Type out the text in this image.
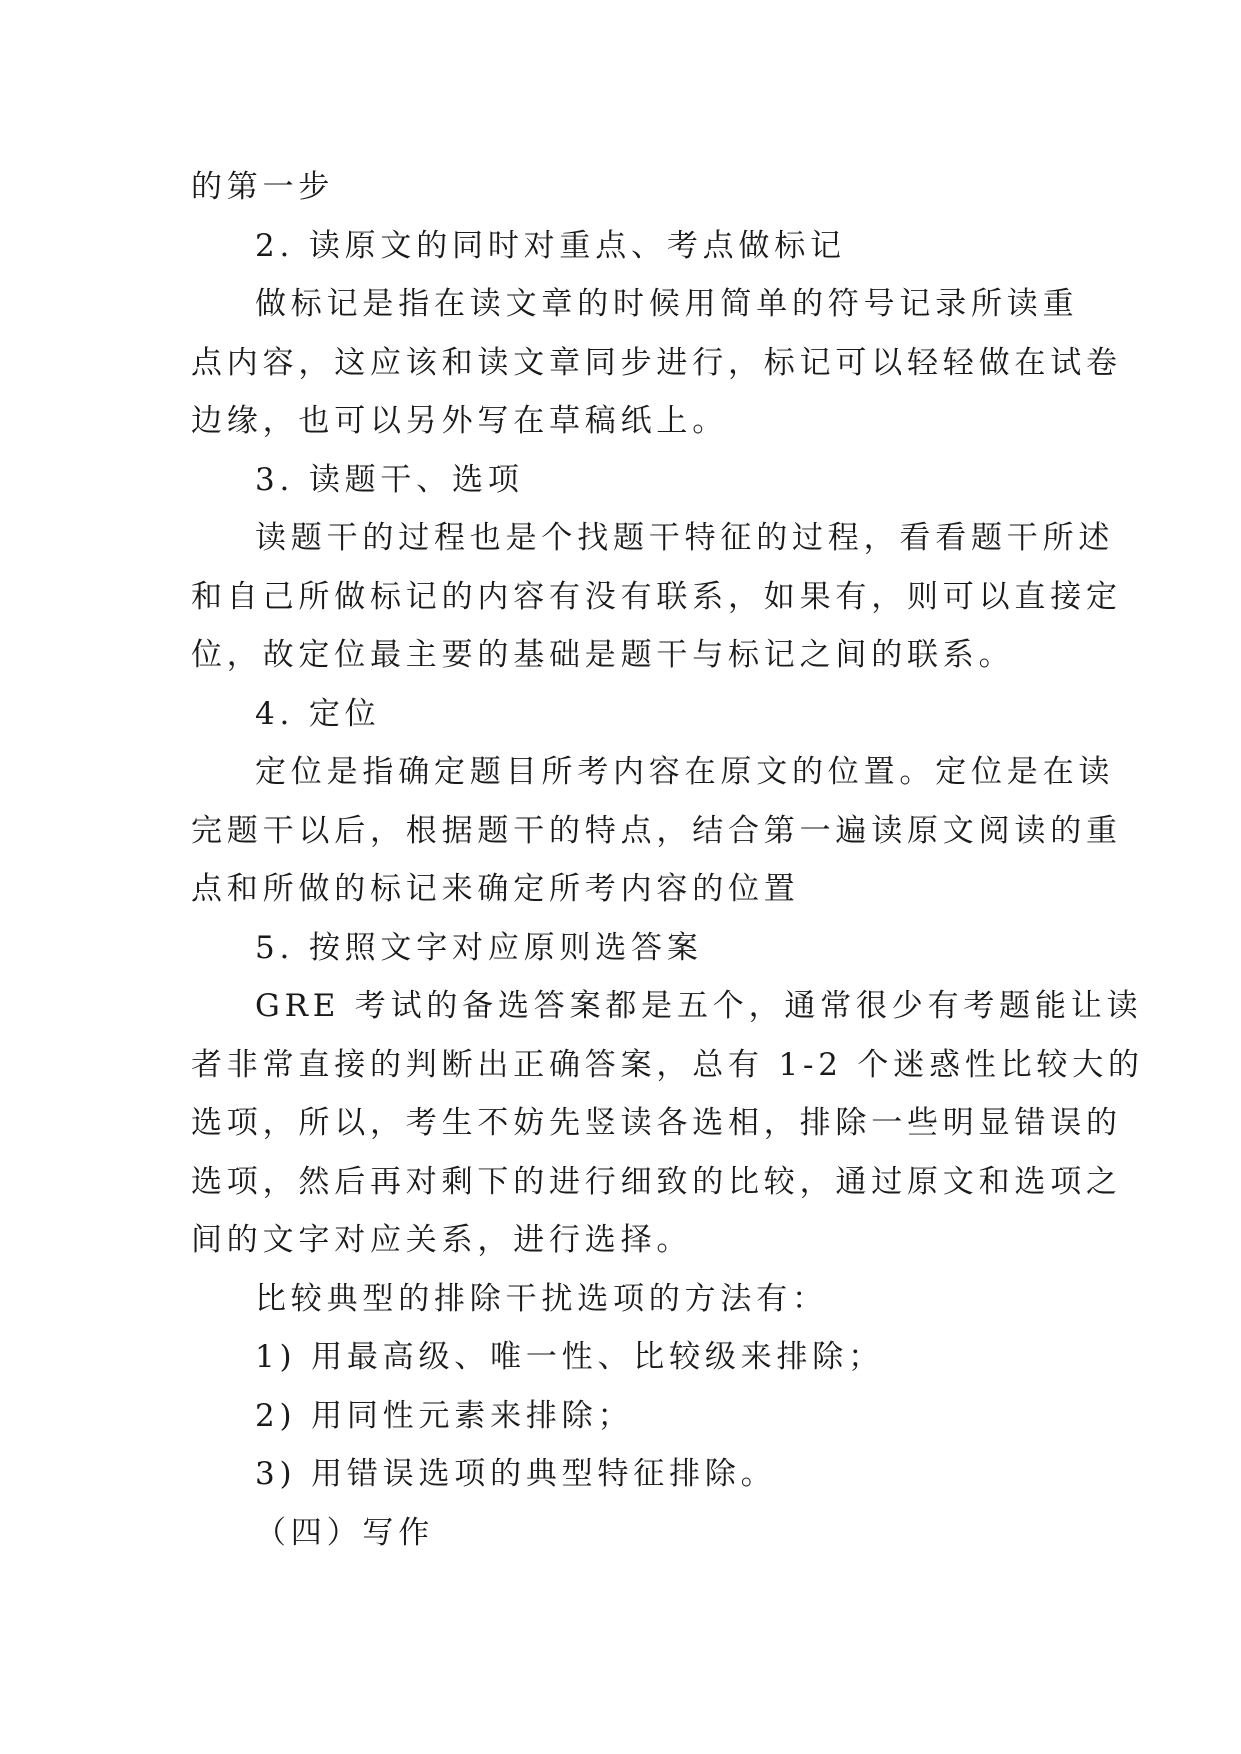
的第一步

2. 读原文的同时对重点、考点做标记

做标记是指在读文章的时候用简单的符号记录所读重

点内容，这应该和读文章同步进行，标记可以轻轻做在试卷

边缘，也可以另外写在草稿纸上。

3. 读题干、选项

读题干的过程也是个找题干特征的过程，看看题干所述

和自己所做标记的内容有没有联系，如果有，则可以直接定

位，故定位最主要的基础是题干与标记之间的联系。

4. 定位

定位是指确定题目所考内容在原文的位置。定位是在读

完题干以后，根据题干的特点，结合第一遍读原文阅读的重

点和所做的标记来确定所考内容的位置

5. 按照文字对应原则选答案

GRE 考试的备选答案都是五个，通常很少有考题能让读

者非常直接的判断出正确答案，总有 1-2 个迷惑性比较大的

选项，所以，考生不妨先竖读各选相，排除一些明显错误的

选项，然后再对剩下的进行细致的比较，通过原文和选项之

间的文字对应关系，进行选择。

比较典型的排除干扰选项的方法有：

1) 用最高级、唯一性、比较级来排除；

2) 用同性元素来排除；

3) 用错误选项的典型特征排除。

（四）写作
